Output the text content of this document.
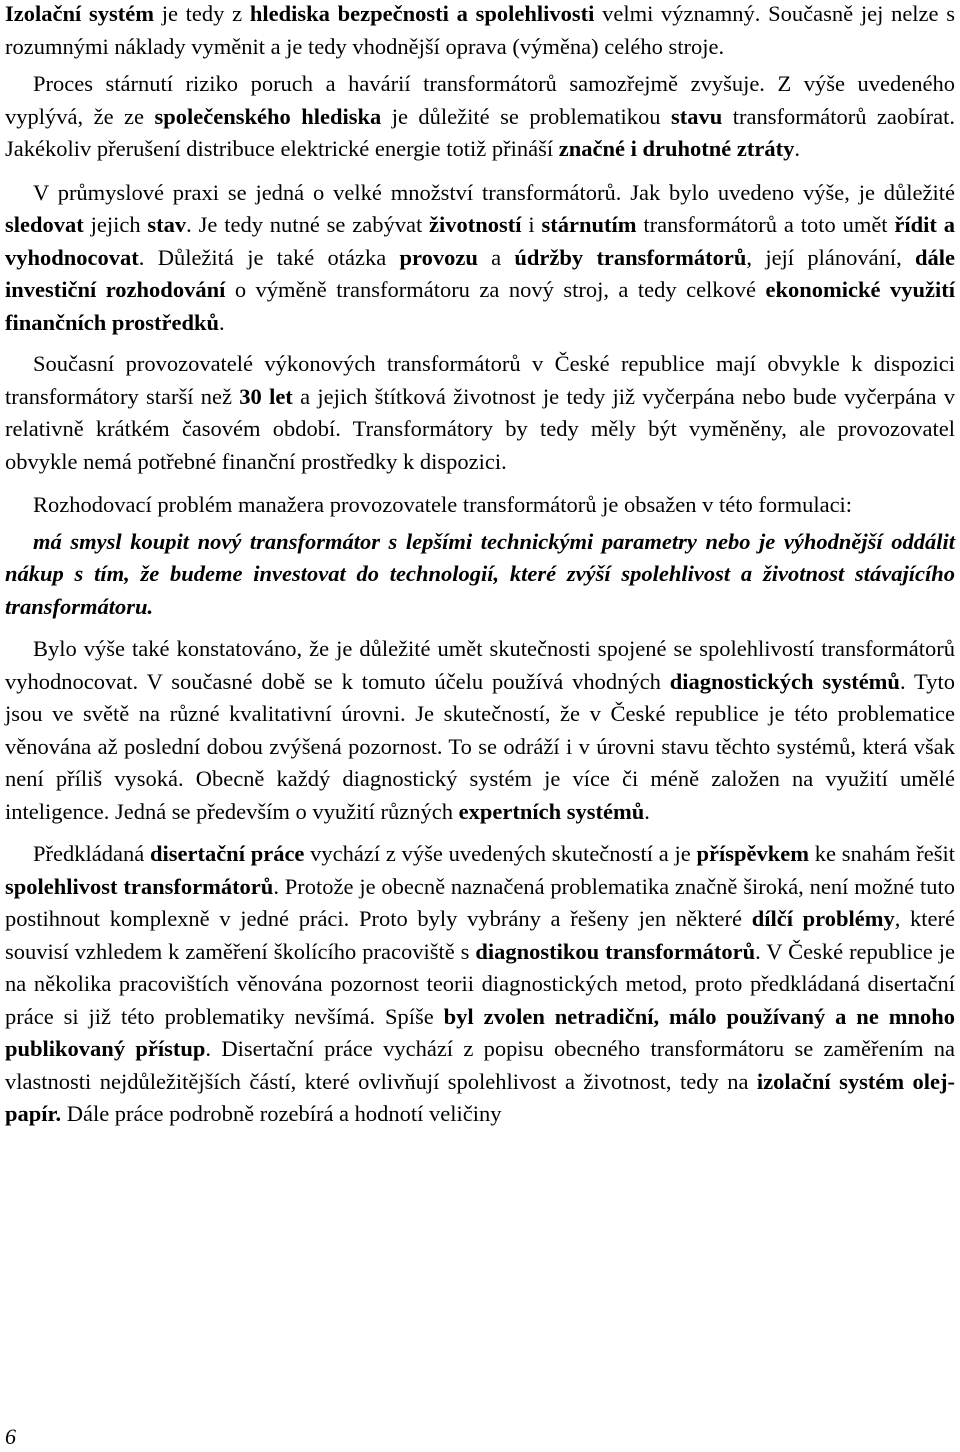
Izolační systém je tedy z hlediska bezpečnosti a spolehlivosti velmi významný. Současně jej nelze s rozumnými náklady vyměnit a je tedy vhodnější oprava (výměna) celého stroje.

Proces stárnutí riziko poruch a havárií transformátorů samozřejmě zvyšuje. Z výše uvedeného vyplývá, že ze společenského hlediska je důležité se problematikou stavu transformátorů zaobírat. Jakékoliv přerušení distribuce elektrické energie totiž přináší značné i druhotné ztráty.

V průmyslové praxi se jedná o velké množství transformátorů. Jak bylo uvedeno výše, je důležité sledovat jejich stav. Je tedy nutné se zabývat životností i stárnutím transformátorů a toto umět řídit a vyhodnocovat. Důležitá je také otázka provozu a údržby transformátorů, její plánování, dále investiční rozhodování o výměně transformátoru za nový stroj, a tedy celkové ekonomické využití finančních prostředků.

Současní provozovatelé výkonových transformátorů v České republice mají obvykle k dispozici transformátory starší než 30 let a jejich štítková životnost je tedy již vyčerpána nebo bude vyčerpána v relativně krátkém časovém období. Transformátory by tedy měly být vyměněny, ale provozovatel obvykle nemá potřebné finanční prostředky k dispozici.

Rozhodovací problém manažera provozovatele transformátorů je obsažen v této formulaci:

má smysl koupit nový transformátor s lepšími technickými parametry nebo je výhodnější oddálit nákup s tím, že budeme investovat do technologií, které zvýší spolehlivost a životnost stávajícího transformátoru.

Bylo výše také konstatováno, že je důležité umět skutečnosti spojené se spolehlivostí transformátorů vyhodnocovat. V současné době se k tomuto účelu používá vhodných diagnostických systémů. Tyto jsou ve světě na různé kvalitativní úrovni. Je skutečností, že v České republice je této problematice věnována až poslední dobou zvýšená pozornost. To se odráží i v úrovni stavu těchto systémů, která však není příliš vysoká. Obecně každý diagnostický systém je více či méně založen na využití umělé inteligence. Jedná se především o využití různých expertních systémů.

Předkládaná disertační práce vychází z výše uvedených skutečností a je příspěvkem ke snahám řešit spolehlivost transformátorů. Protože je obecně naznačená problematika značně široká, není možné tuto postihnout komplexně v jedné práci. Proto byly vybrány a řešeny jen některé dílčí problémy, které souvisí vzhledem k zaměření školícího pracoviště s diagnostikou transformátorů. V České republice je na několika pracovištích věnována pozornost teorii diagnostických metod, proto předkládaná disertační práce si již této problematiky nevšímá. Spíše byl zvolen netradiční, málo používaný a ne mnoho publikovaný přístup. Disertační práce vychází z popisu obecného transformátoru se zaměřením na vlastnosti nejdůležitějších částí, které ovlivňují spolehlivost a životnost, tedy na izolační systém olej-papír. Dále práce podrobně rozebírá a hodnotí veličiny

6
